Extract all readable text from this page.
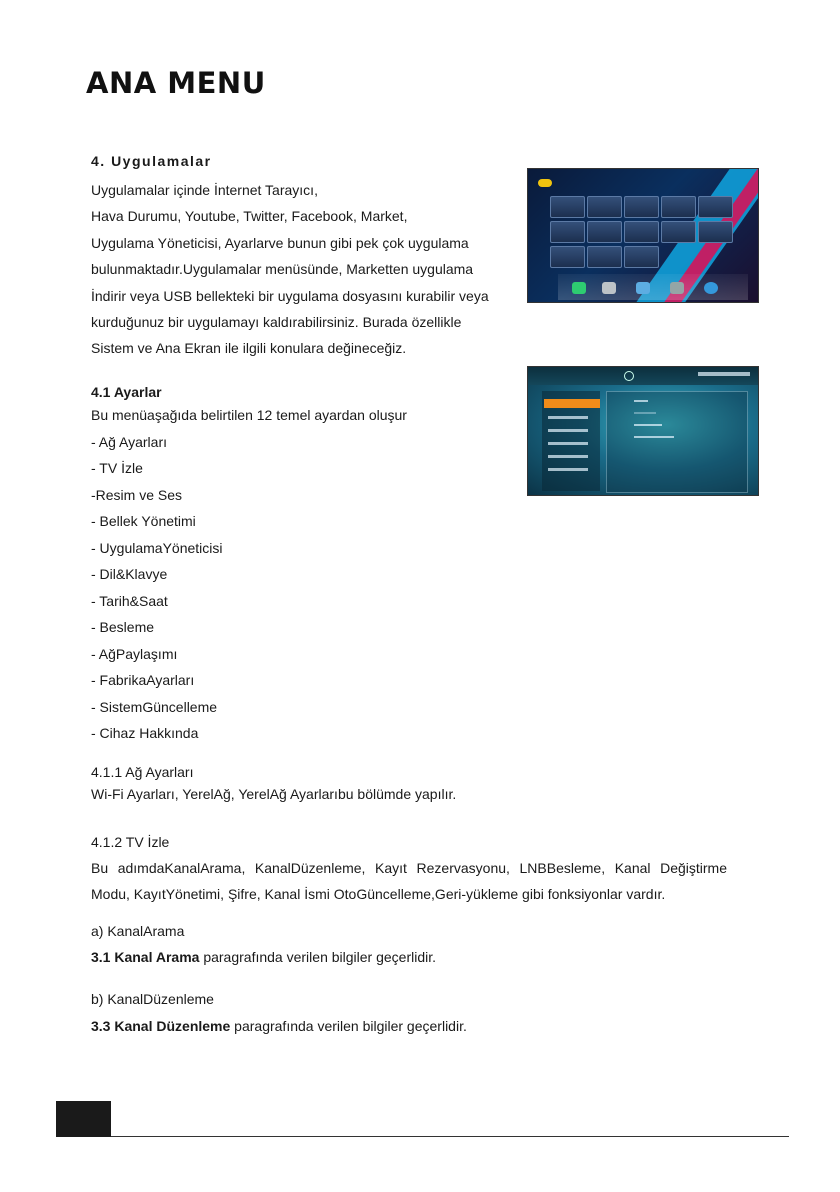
ANA MENU
4. Uygulamalar
Uygulamalar içinde İnternet Tarayıcı,
Hava Durumu, Youtube, Twitter, Facebook, Market,
Uygulama Yöneticisi, Ayarlarve bunun gibi pek çok uygulama
bulunmaktadır.Uygulamalar menüsünde, Marketten uygulama
İndirir veya USB bellekteki bir uygulama dosyasını kurabilir veya
kurduğunuz bir uygulamayı kaldırabilirsiniz. Burada özellikle
Sistem ve Ana Ekran ile ilgili konulara değineceğiz.
4.1 Ayarlar
Bu menüaşağıda belirtilen 12 temel ayardan oluşur
- Ağ Ayarları
- TV İzle
-Resim ve Ses
- Bellek Yönetimi
- UygulamaYöneticisi
- Dil&Klavye
- Tarih&Saat
- Besleme
- AğPaylaşımı
- FabrikaAyarları
- SistemGüncelleme
- Cihaz Hakkında
4.1.1 Ağ Ayarları
Wi-Fi Ayarları, YerelAğ, YerelAğ Ayarlarıbu bölümde yapılır.
4.1.2 TV İzle
Bu adımdaKanalArama, KanalDüzenleme, Kayıt Rezervasyonu, LNBBesleme, Kanal Değiştirme
Modu, KayıtYönetimi, Şifre, Kanal İsmi OtoGüncelleme,Geri-yükleme gibi fonksiyonlar vardır.
a) KanalArama
3.1 Kanal Arama paragrafında verilen bilgiler geçerlidir.
b) KanalDüzenleme
3.3 Kanal Düzenleme paragrafında verilen bilgiler geçerlidir.
